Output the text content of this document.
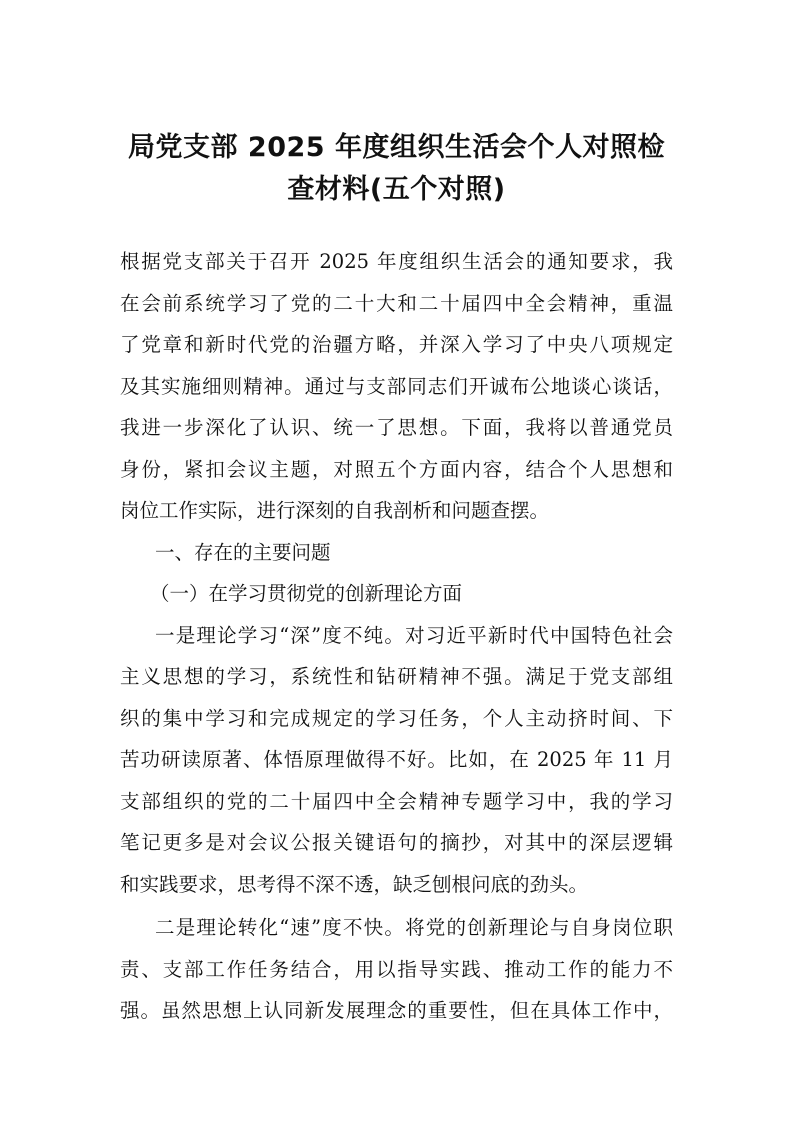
局党支部 2025 年度组织生活会个人对照检
查材料(五个对照)
根据党支部关于召开 2025 年度组织生活会的通知要求，我
在会前系统学习了党的二十大和二十届四中全会精神，重温
了党章和新时代党的治疆方略，并深入学习了中央八项规定
及其实施细则精神。通过与支部同志们开诚布公地谈心谈话，
我进一步深化了认识、统一了思想。下面，我将以普通党员
身份，紧扣会议主题，对照五个方面内容，结合个人思想和
岗位工作实际，进行深刻的自我剖析和问题查摆。
一、存在的主要问题
（一）在学习贯彻党的创新理论方面
一是理论学习“深”度不纯。对习近平新时代中国特色社会
主义思想的学习，系统性和钻研精神不强。满足于党支部组
织的集中学习和完成规定的学习任务，个人主动挤时间、下
苦功研读原著、体悟原理做得不好。比如，在 2025 年 11 月
支部组织的党的二十届四中全会精神专题学习中，我的学习
笔记更多是对会议公报关键语句的摘抄，对其中的深层逻辑
和实践要求，思考得不深不透，缺乏刨根问底的劲头。
二是理论转化“速”度不快。将党的创新理论与自身岗位职
责、支部工作任务结合，用以指导实践、推动工作的能力不
强。虽然思想上认同新发展理念的重要性，但在具体工作中，
